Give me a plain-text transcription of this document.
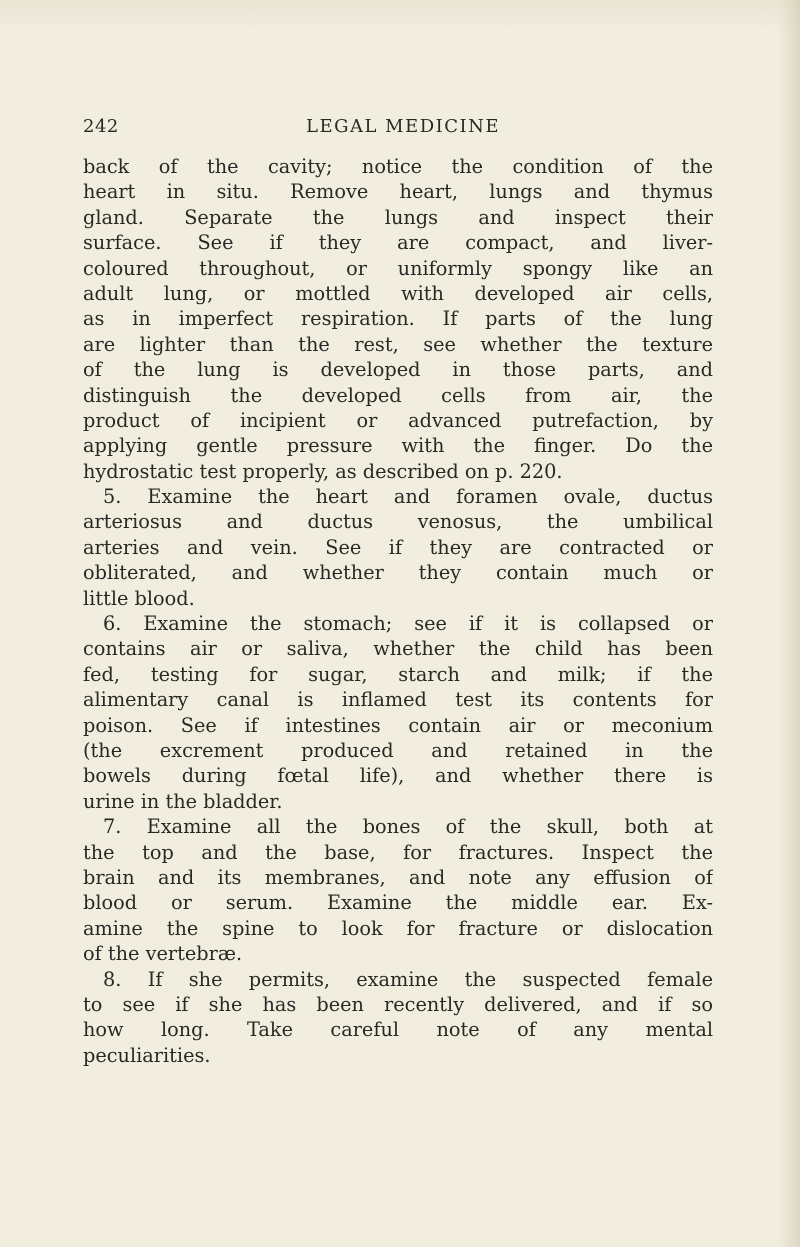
242	LEGAL MEDICINE
back of the cavity; notice the condition of the
heart in situ. Remove heart, lungs and thymus
gland. Separate the lungs and inspect their
surface. See if they are compact, and liver-
coloured throughout, or uniformly spongy like an
adult lung, or mottled with developed air cells,
as in imperfect respiration. If parts of the lung
are lighter than the rest, see whether the texture
of the lung is developed in those parts, and
distinguish the developed cells from air, the
product of incipient or advanced putrefaction, by
applying gentle pressure with the finger. Do the
hydrostatic test properly, as described on p. 220.
5. Examine the heart and foramen ovale, ductus
arteriosus and ductus venosus, the umbilical
arteries and vein. See if they are contracted or
obliterated, and whether they contain much or
little blood.
6. Examine the stomach; see if it is collapsed or
contains air or saliva, whether the child has been
fed, testing for sugar, starch and milk; if the
alimentary canal is inflamed test its contents for
poison. See if intestines contain air or meconium
(the excrement produced and retained in the
bowels during fœtal life), and whether there is
urine in the bladder.
7. Examine all the bones of the skull, both at
the top and the base, for fractures. Inspect the
brain and its membranes, and note any effusion of
blood or serum. Examine the middle ear. Ex-
amine the spine to look for fracture or dislocation
of the vertebræ.
8. If she permits, examine the suspected female
to see if she has been recently delivered, and if so
how long. Take careful note of any mental
peculiarities.
